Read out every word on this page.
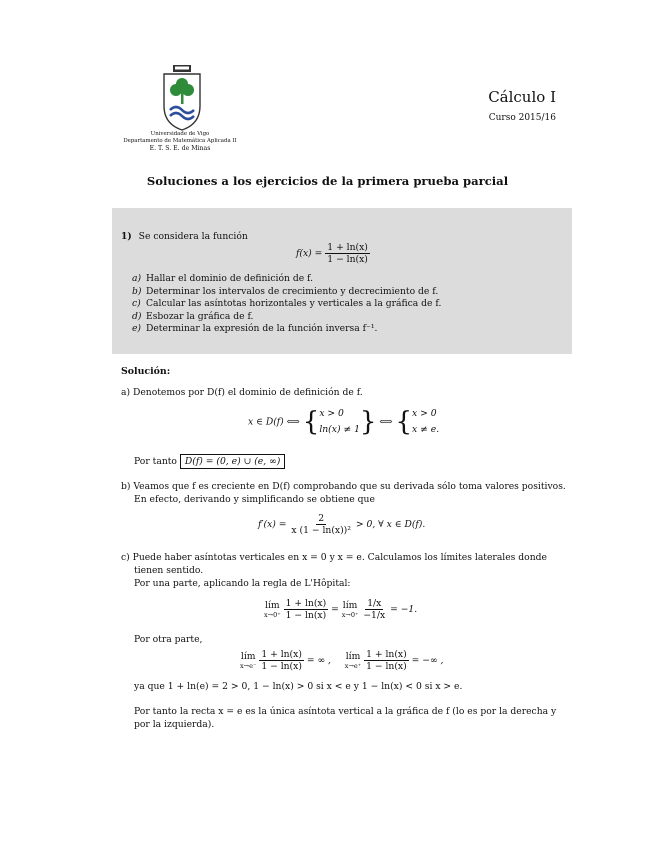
Universidade de Vigo
Departamento de Matemática Aplicada II
E. T. S. E. de Minas
Cálculo I
Curso 2015/16
Soluciones a los ejercicios de la primera prueba parcial
1) Se considera la función
$f(x) = \frac{1 + \ln(x)}{1 - \ln(x)}$
a) Hallar el dominio de definición de f.
b) Determinar los intervalos de crecimiento y decrecimiento de f.
c) Calcular las asíntotas horizontales y verticales a la gráfica de f.
d) Esbozar la gráfica de f.
e) Determinar la expresión de la función inversa f⁻¹.
Solución:
a) Denotemos por D(f) el dominio de definición de f.
x ∈ D(f) ⟺ { x > 0
ln(x) ≠ 1 } ⟺ { x > 0
x ≠ e.
Por tanto D(f) = (0, e) ∪ (e, ∞)
b) Veamos que f es creciente en D(f) comprobando que su derivada sólo toma valores positivos.
En efecto, derivando y simplificando se obtiene que
$f'(x) = \frac{2}{\text{x (1 − ln(x))²}} > 0$, ∀ x ∈ D(f).
c) Puede haber asíntotas verticales en x = 0 y x = e. Calculamos los límites laterales donde
tienen sentido.
Por una parte, aplicando la regla de L'Hôpital:
lím
x→0⁺
$\frac{1 + \ln(x)}{1 - \ln(x)}$ = lím
x→0⁺
$\frac{1/x}{-1/x} = -1$.
Por otra parte,
lím
x→e⁻
$\frac{1 + \ln(x)}{1 - \ln(x)}$ = ∞ , lím
x→e⁺
$\frac{1 + \ln(x)}{1 - \ln(x)}$ = −∞ ,
ya que 1 + ln(e) = 2 > 0, 1 − ln(x) > 0 si x < e y 1 − ln(x) < 0 si x > e.
Por tanto la recta x = e es la única asíntota vertical a la gráfica de f (lo es por la derecha y
por la izquierda).
